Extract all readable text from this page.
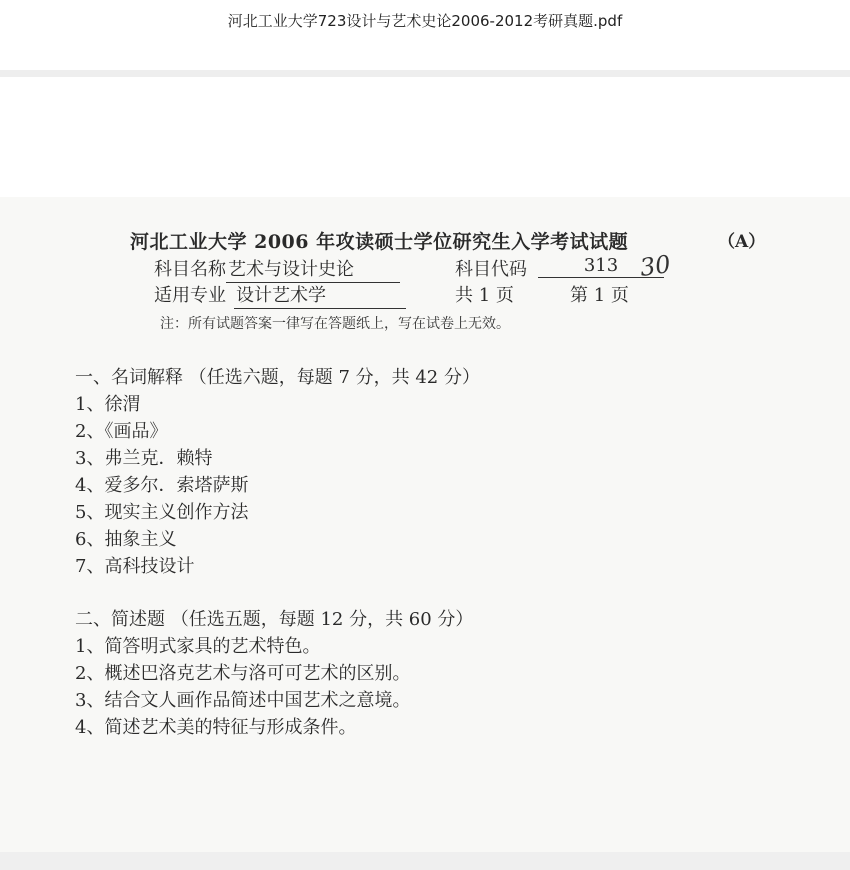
河北工业大学723设计与艺术史论2006-2012考研真题.pdf
30
河北工业大学 2006 年攻读硕士学位研究生入学考试试题	（A）
科目名称 艺术与设计史论	科目代码	313
适用专业 设计艺术学	共 1 页	第 1 页
注：所有试题答案一律写在答题纸上，写在试卷上无效。
一、名词解释 （任选六题，每题 7 分，共 42 分）
1、徐渭
2、《画品》
3、弗兰克．赖特
4、爱多尔．索塔萨斯
5、现实主义创作方法
6、抽象主义
7、高科技设计
二、简述题 （任选五题，每题 12 分，共 60 分）
1、简答明式家具的艺术特色。
2、概述巴洛克艺术与洛可可艺术的区别。
3、结合文人画作品简述中国艺术之意境。
4、简述艺术美的特征与形成条件。
